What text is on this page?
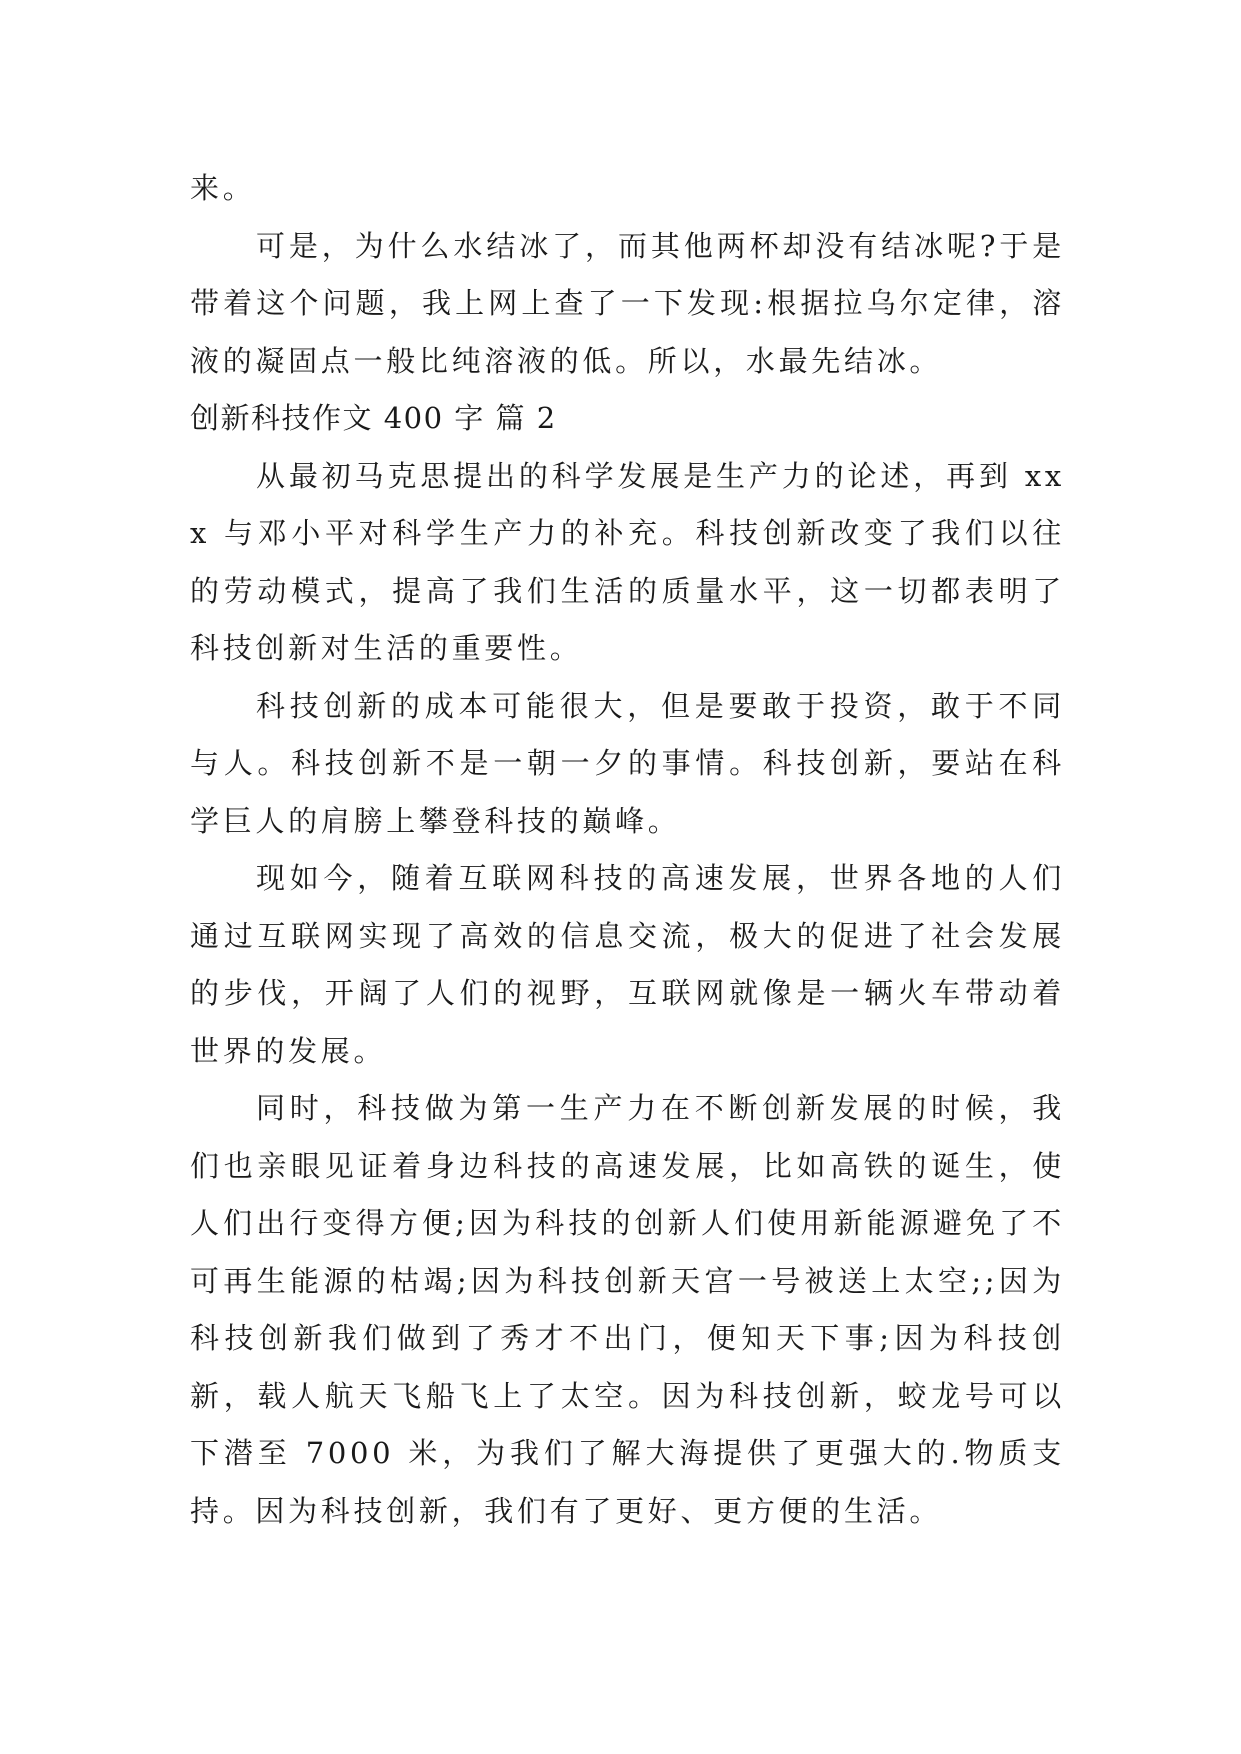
来。

可是，为什么水结冰了，而其他两杯却没有结冰呢?于是带着这个问题，我上网上查了一下发现:根据拉乌尔定律，溶液的凝固点一般比纯溶液的低。所以，水最先结冰。

创新科技作文 400 字 篇 2

从最初马克思提出的科学发展是生产力的论述，再到 xxx 与邓小平对科学生产力的补充。科技创新改变了我们以往的劳动模式，提高了我们生活的质量水平，这一切都表明了科技创新对生活的重要性。

科技创新的成本可能很大，但是要敢于投资，敢于不同与人。科技创新不是一朝一夕的事情。科技创新，要站在科学巨人的肩膀上攀登科技的巅峰。

现如今，随着互联网科技的高速发展，世界各地的人们通过互联网实现了高效的信息交流，极大的促进了社会发展的步伐，开阔了人们的视野，互联网就像是一辆火车带动着世界的发展。

同时，科技做为第一生产力在不断创新发展的时候，我们也亲眼见证着身边科技的高速发展，比如高铁的诞生，使人们出行变得方便;因为科技的创新人们使用新能源避免了不可再生能源的枯竭;因为科技创新天宫一号被送上太空;;因为科技创新我们做到了秀才不出门，便知天下事;因为科技创新，载人航天飞船飞上了太空。因为科技创新，蛟龙号可以下潜至 7000 米，为我们了解大海提供了更强大的.物质支持。因为科技创新，我们有了更好、更方便的生活。
